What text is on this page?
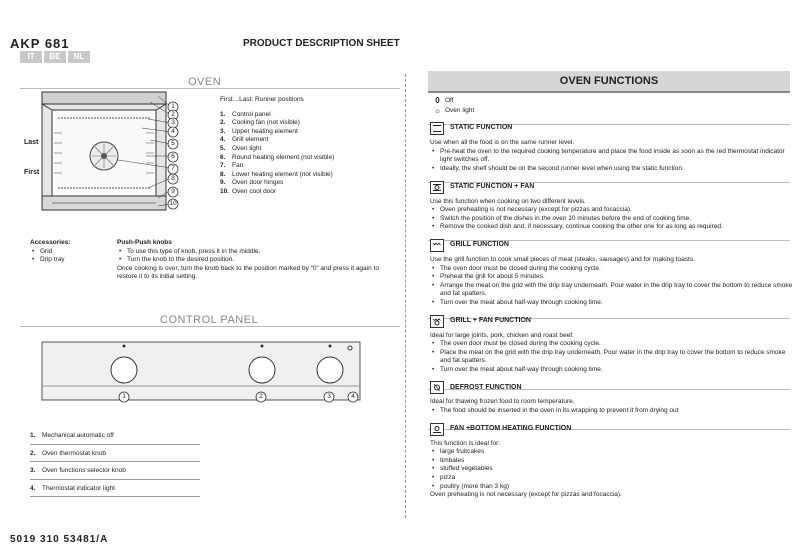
AKP 681
IT	BE	NL
PRODUCT DESCRIPTION SHEET
OVEN
Last
First
1
2
3
4
5
6
7
8
9
10
First…Last: Runner positions
1.	Control panel
2.	Cooling fan (not visible)
3.	Upper heating element
4.	Grill element
5.	Oven light
6.	Round heating element (not visible)
7.	Fan
8.	Lower heating element (not visible)
9.	Oven door hinges
10. Oven cool door
Accessories:
• Grid
• Drip tray
Push-Push knobs
• To use this type of knob, press it in the middle.
• Turn the knob to the desired position.
Once cooking is over, turn the knob back to the position marked by “0” and press it again to restore it to its initial setting.
CONTROL PANEL
1	2	3	4
1.	Mechanical automatic off
2.	Oven thermostat knob
3.	Oven functions selector knob
4.	Thermostat indicator light
5019 310 53481/A
OVEN FUNCTIONS
0 Off
☼ Oven light
STATIC FUNCTION
Use when all the food is on the same runner level.
• Pre-heat the oven to the required cooking temperature and place the food inside as soon as the red thermostat indicator light switches off.
• Ideally, the shelf should be on the second runner level when using the static function.
STATIC FUNCTION + FAN
Use this function when cooking on two different levels.
• Oven preheating is not necessary (except for pizzas and focaccia).
• Switch the position of the dishes in the oven 10 minutes before the end of cooking time.
• Remove the cooked dish and, if necessary, continue cooking the other one for as long as required.
GRILL FUNCTION
Use the grill function to cook small pieces of meat (steaks, sausages) and for making toasts.
• The oven door must be closed during the cooking cycle.
• Preheat the grill for about 5 minutes.
• Arrange the meat on the grid with the drip tray underneath. Pour water in the drip tray to cover the bottom to reduce smoke and fat spatters.
• Turn over the meat about half-way through cooking time.
GRILL + FAN FUNCTION
Ideal for large joints, pork, chicken and roast beef.
• The oven door must be closed during the cooking cycle.
• Place the meat on the grid with the drip tray underneath. Pour water in the drip tray to cover the bottom to reduce smoke and fat spatters.
• Turn over the meat about half-way through cooking time.
DEFROST FUNCTION
Ideal for thawing frozen food to room temperature.
• The food should be inserted in the oven in its wrapping to prevent it from drying out
FAN +BOTTOM HEATING FUNCTION
This function is ideal for:
• large fruitcakes
• timbales
• stuffed vegetables
• pizza
• poultry (more than 3 kg)
Oven preheating is not necessary (except for pizzas and focaccia).
